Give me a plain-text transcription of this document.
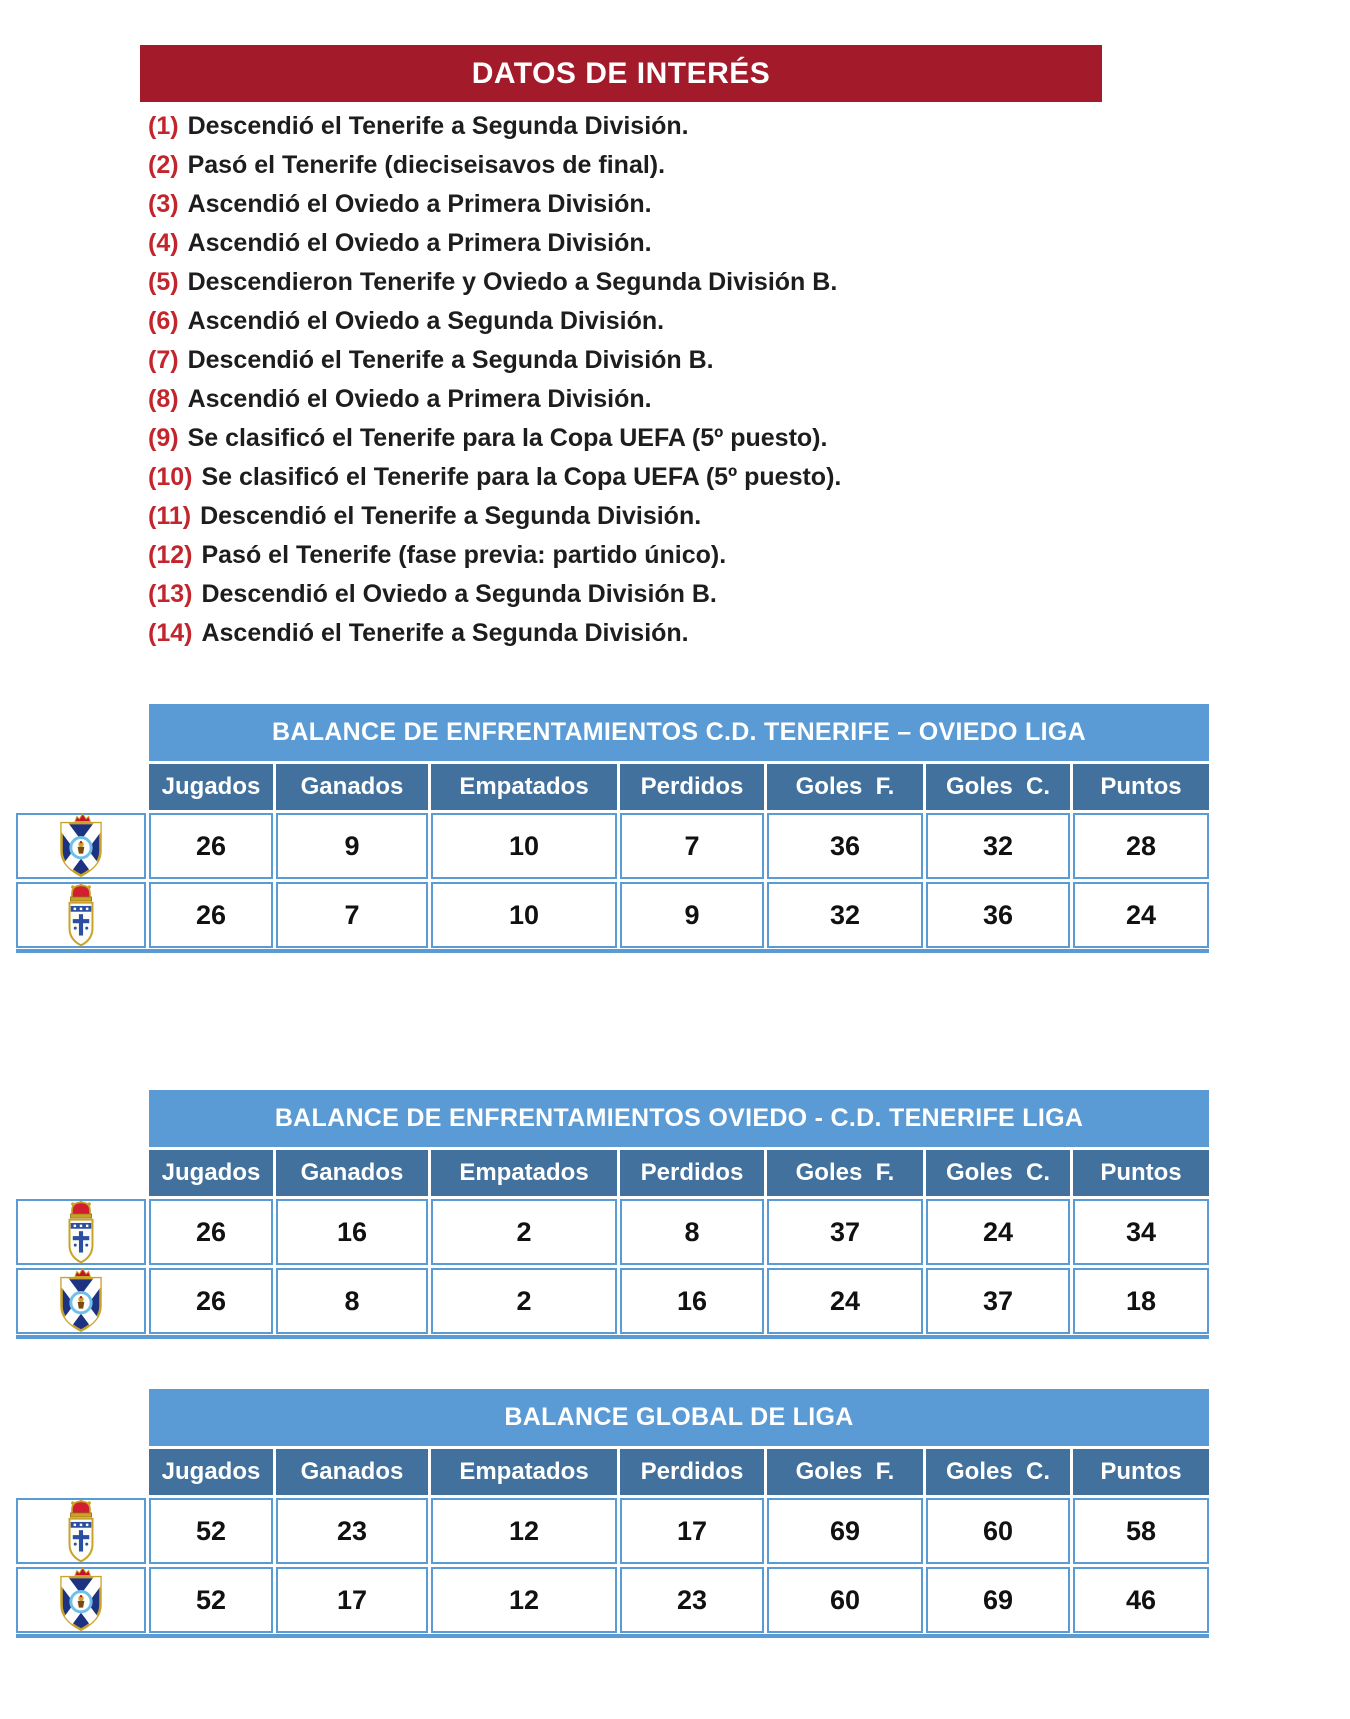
DATOS DE INTERÉS
(1) Descendió el Tenerife a Segunda División.
(2) Pasó el Tenerife (dieciseisavos de final).
(3) Ascendió el Oviedo a Primera División.
(4) Ascendió el Oviedo a Primera División.
(5) Descendieron Tenerife y Oviedo a Segunda División B.
(6) Ascendió el Oviedo a Segunda División.
(7) Descendió el Tenerife a Segunda División B.
(8) Ascendió el Oviedo a Primera División.
(9) Se clasificó el Tenerife para la Copa UEFA (5º puesto).
(10) Se clasificó el Tenerife para la Copa UEFA (5º puesto).
(11) Descendió el Tenerife a Segunda División.
(12) Pasó el Tenerife (fase previa: partido único).
(13) Descendió el Oviedo a Segunda División B.
(14) Ascendió el Tenerife a Segunda División.
BALANCE DE ENFRENTAMIENTOS C.D. TENERIFE – OVIEDO LIGA
Jugados	Ganados	Empatados	Perdidos	Goles  F.	Goles  C.	Puntos
26	9	10	7	36	32	28
26	7	10	9	32	36	24
BALANCE DE ENFRENTAMIENTOS OVIEDO - C.D. TENERIFE LIGA
Jugados	Ganados	Empatados	Perdidos	Goles  F.	Goles  C.	Puntos
26	16	2	8	37	24	34
26	8	2	16	24	37	18
BALANCE GLOBAL DE LIGA
Jugados	Ganados	Empatados	Perdidos	Goles  F.	Goles  C.	Puntos
52	23	12	17	69	60	58
52	17	12	23	60	69	46
